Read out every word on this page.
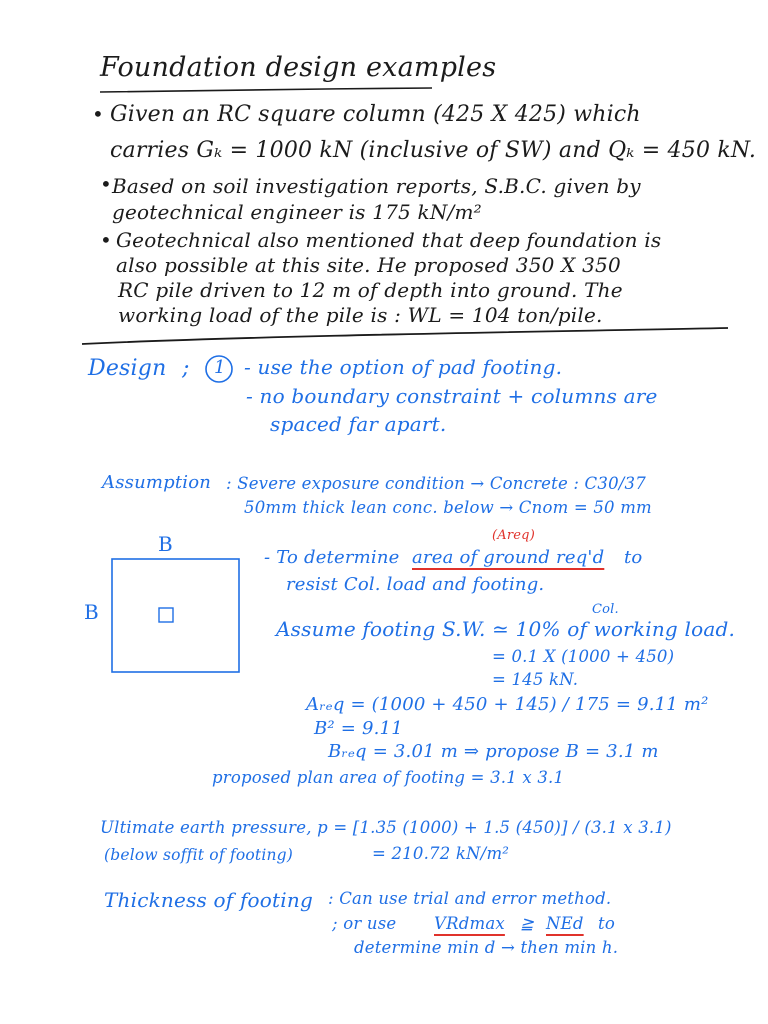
Foundation design examples
• Given an RC square column (425 X 425) which
carries Gₖ = 1000 kN (inclusive of SW) and Qₖ = 450 kN.
• Based on soil investigation reports, S.B.C. given by
geotechnical engineer is 175 kN/m²
• Geotechnical also mentioned that deep foundation is
also possible at this site. He proposed 350 X 350
RC pile driven to 12 m of depth into ground. The
working load of the pile is : WL = 104 ton/pile.
Design ; 1 - use the option of pad footing.
- no boundary constraint + columns are
spaced far apart.
Assumption : Severe exposure condition → Concrete : C30/37
50mm thick lean conc. below → Cnom = 50 mm
B
B
(Areq)
- To determine area of ground req'd to
resist Col. load and footing.
Col.
Assume footing S.W. ≃ 10% of working load.
= 0.1 X (1000 + 450)
= 145 kN.
Aᵣₑq = (1000 + 450 + 145) / 175 = 9.11 m²
B² = 9.11
Bᵣₑq = 3.01 m ⇒ propose B = 3.1 m
proposed plan area of footing = 3.1 x 3.1
Ultimate earth pressure, p = [1.35 (1000) + 1.5 (450)] / (3.1 x 3.1)
(below soffit of footing)	= 210.72 kN/m²
Thickness of footing : Can use trial and error method.
; or use VRdmax ≧ NEd to
determine min d → then min h.
